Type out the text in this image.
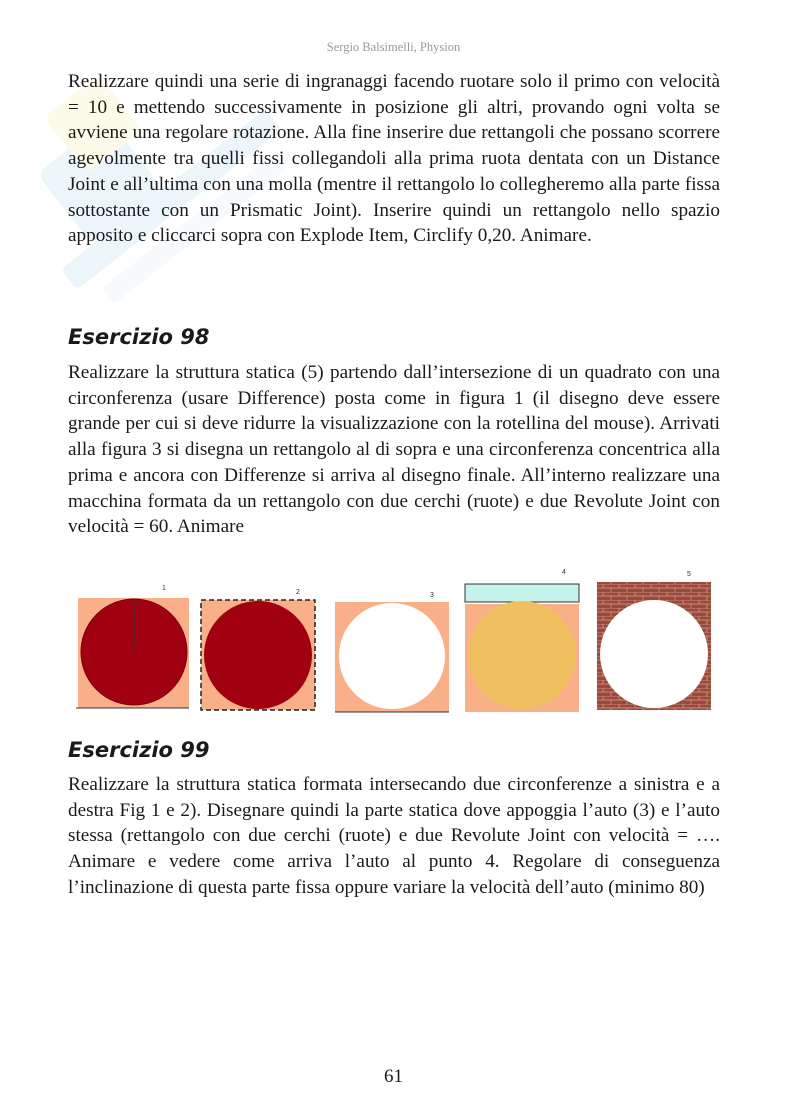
Sergio Balsimelli, Physion

Realizzare quindi una serie di ingranaggi facendo ruotare solo il primo con velocità = 10 e mettendo successivamente in posizione gli altri, provando ogni volta se avviene una regolare rotazione. Alla fine inserire due rettangoli che possano scorrere agevolmente tra quelli fissi collegandoli alla prima ruota dentata con un Distance Joint e all’ultima con una molla (mentre il rettangolo lo collegheremo alla parte fissa sottostante con un Prismatic Joint). Inserire quindi un rettangolo nello spazio apposito e cliccarci sopra con Explode Item, Circlify 0,20. Animare.

Esercizio 98

Realizzare la struttura statica (5) partendo dall’intersezione di un quadrato con una circonferenza (usare Difference) posta come in figura 1 (il disegno deve essere grande per cui si deve ridurre la visualizzazione con la rotellina del mouse). Arrivati alla figura 3 si disegna un rettangolo al di sopra e una circonferenza concentrica alla prima e ancora con Differenze si arriva al disegno finale. All’interno realizzare una macchina formata da un rettangolo con due cerchi (ruote) e due Revolute Joint con velocità = 60. Animare

1
2	3
4	5
Esercizio 99

Realizzare la struttura statica formata intersecando due circonferenze a sinistra e a destra Fig 1 e 2). Disegnare quindi la parte statica dove appoggia l’auto (3) e l’auto stessa (rettangolo con due cerchi (ruote) e due Revolute Joint con velocità = …. Animare e vedere come arriva l’auto al punto 4. Regolare di conseguenza l’inclinazione di questa parte fissa oppure variare la velocità dell’auto (minimo 80)

61
